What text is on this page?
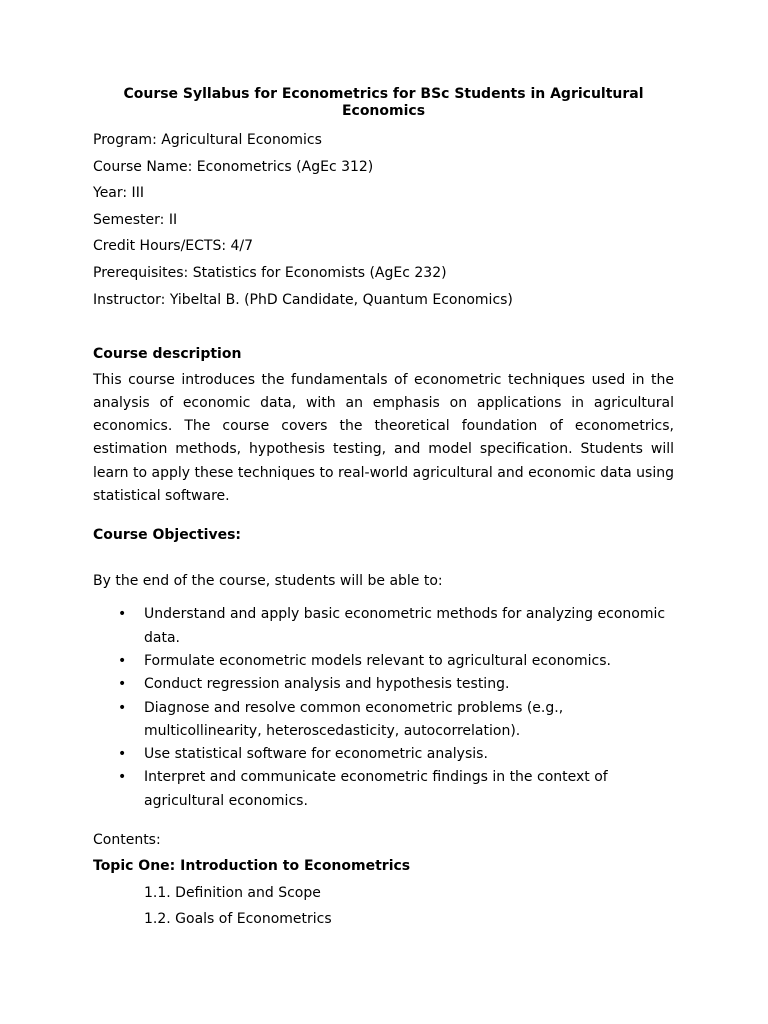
Course Syllabus for Econometrics for BSc Students in Agricultural Economics
Program: Agricultural Economics
Course Name: Econometrics (AgEc 312)
Year: III
Semester: II
Credit Hours/ECTS: 4/7
Prerequisites: Statistics for Economists (AgEc 232)
Instructor: Yibeltal B. (PhD Candidate, Quantum Economics)
Course description
This course introduces the fundamentals of econometric techniques used in the analysis of economic data, with an emphasis on applications in agricultural economics. The course covers the theoretical foundation of econometrics, estimation methods, hypothesis testing, and model specification. Students will learn to apply these techniques to real-world agricultural and economic data using statistical software.
Course Objectives:
By the end of the course, students will be able to:
• Understand and apply basic econometric methods for analyzing economic data.
• Formulate econometric models relevant to agricultural economics.
• Conduct regression analysis and hypothesis testing.
• Diagnose and resolve common econometric problems (e.g., multicollinearity, heteroscedasticity, autocorrelation).
• Use statistical software for econometric analysis.
• Interpret and communicate econometric findings in the context of agricultural economics.
Contents:
Topic One: Introduction to Econometrics
1.1. Definition and Scope
1.2. Goals of Econometrics
